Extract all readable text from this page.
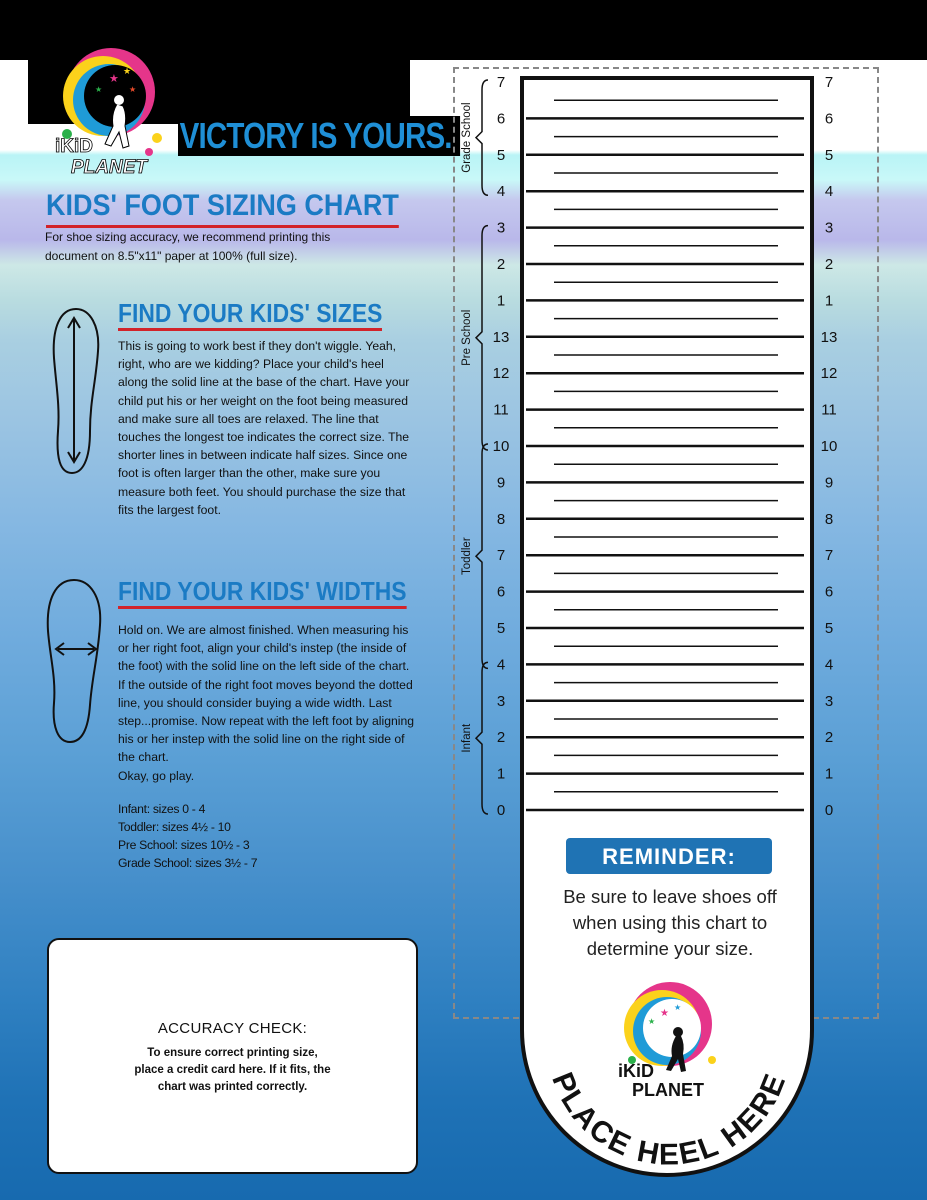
★ ★
★	★
iKiD
PLANET
VICTORY IS YOURS.
KIDS' FOOT SIZING CHART
For shoe sizing accuracy, we recommend printing this document on 8.5"x11" paper at 100% (full size).
FIND YOUR KIDS' SIZES
This is going to work best if they don't wiggle. Yeah, right, who are we kidding? Place your child's heel along the solid line at the base of the chart. Have your child put his or her weight on the foot being measured and make sure all toes are relaxed. The line that touches the longest toe indicates the correct size. The shorter lines in between indicate half sizes. Since one foot is often larger than the other, make sure you measure both feet. You should purchase the size that fits the largest foot.
FIND YOUR KIDS' WIDTHS
Hold on. We are almost finished. When measuring his or her right foot, align your child's instep (the inside of the foot) with the solid line on the left side of the chart. If the outside of the right foot moves beyond the dotted line, you should consider buying a wide width. Last step...promise. Now repeat with the left foot by aligning his or her instep with the solid line on the right side of the chart.
Okay, go play.
Infant: sizes 0 - 4
Toddler: sizes 4½ - 10
Pre School: sizes 10½ - 3
Grade School: sizes 3½ - 7
ACCURACY CHECK:
To ensure correct printing size, place a credit card here. If it fits, the chart was printed correctly.
7	7
6	6
5	5
4	4
3	3
2	2
1	1
13	13
12	12
11	11
10	10
9	9
8	8
7	7
6	6
5	5
4	4
3	3
2	2
1	1
0	0
Grade School
Pre School
Toddler
Infant
PLACE HEEL HERE
★
★
★
iKiD
PLANET
REMINDER:
Be sure to leave shoes off when using this chart to determine your size.
